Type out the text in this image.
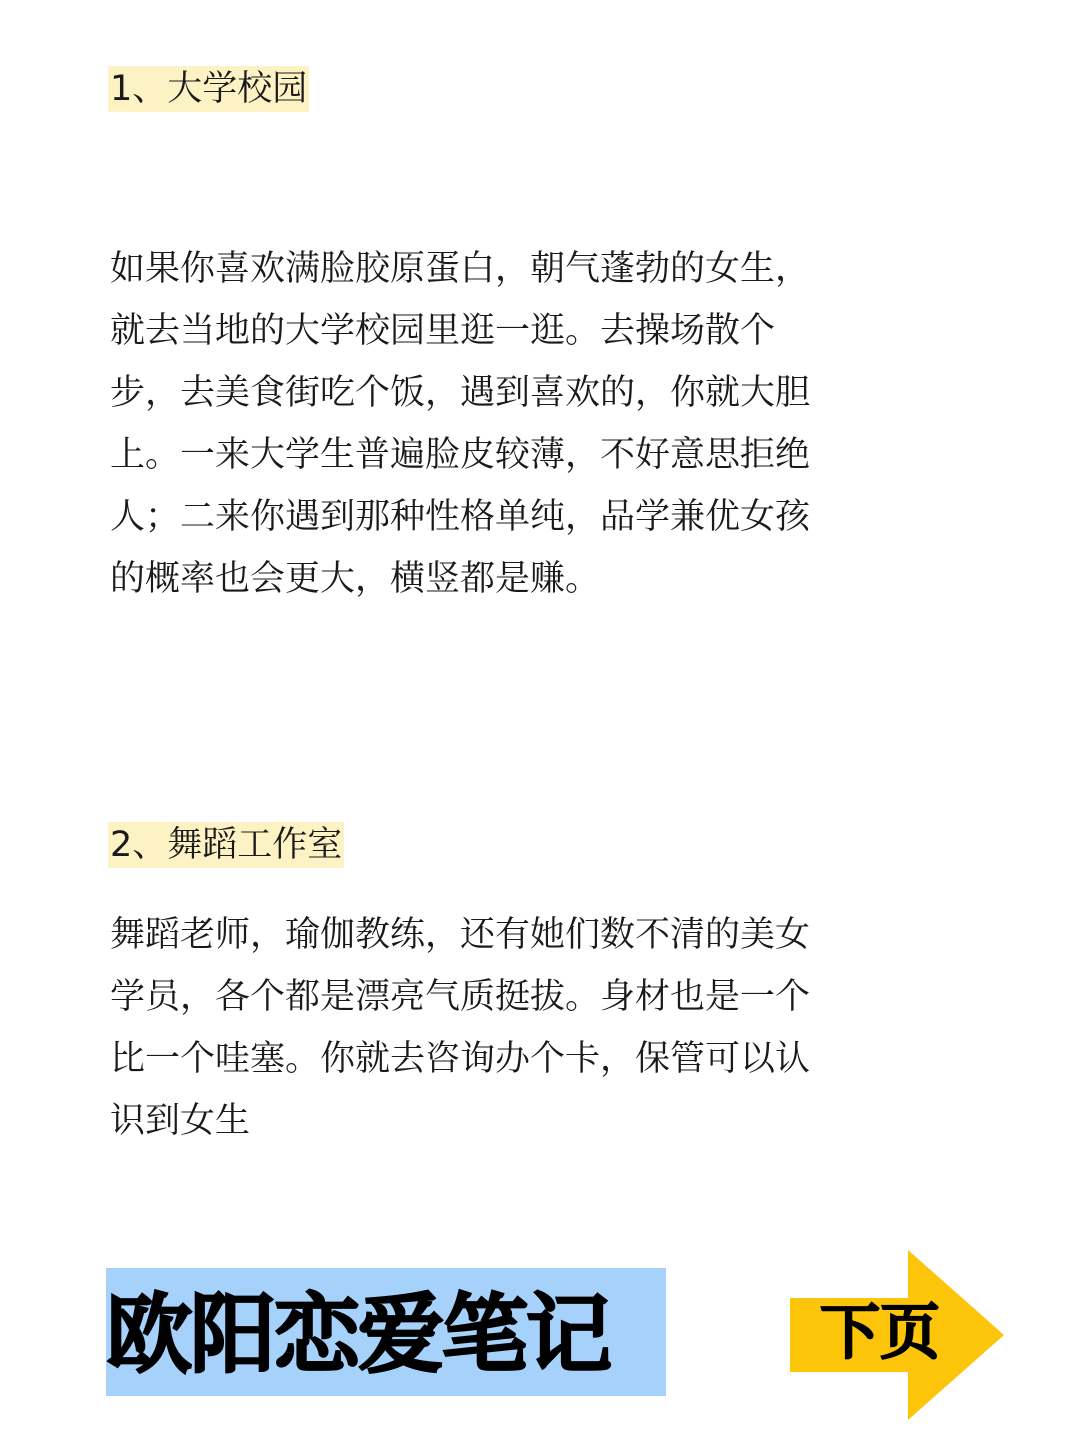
1、大学校园

如果你喜欢满脸胶原蛋白，朝气蓬勃的女生，
就去当地的大学校园里逛一逛。去操场散个
步，去美食街吃个饭，遇到喜欢的，你就大胆
上。一来大学生普遍脸皮较薄，不好意思拒绝
人；二来你遇到那种性格单纯，品学兼优女孩
的概率也会更大，横竖都是赚。

2、舞蹈工作室

舞蹈老师，瑜伽教练，还有她们数不清的美女
学员，各个都是漂亮气质挺拔。身材也是一个
比一个哇塞。你就去咨询办个卡，保管可以认
识到女生

欧阳恋爱笔记	下页
